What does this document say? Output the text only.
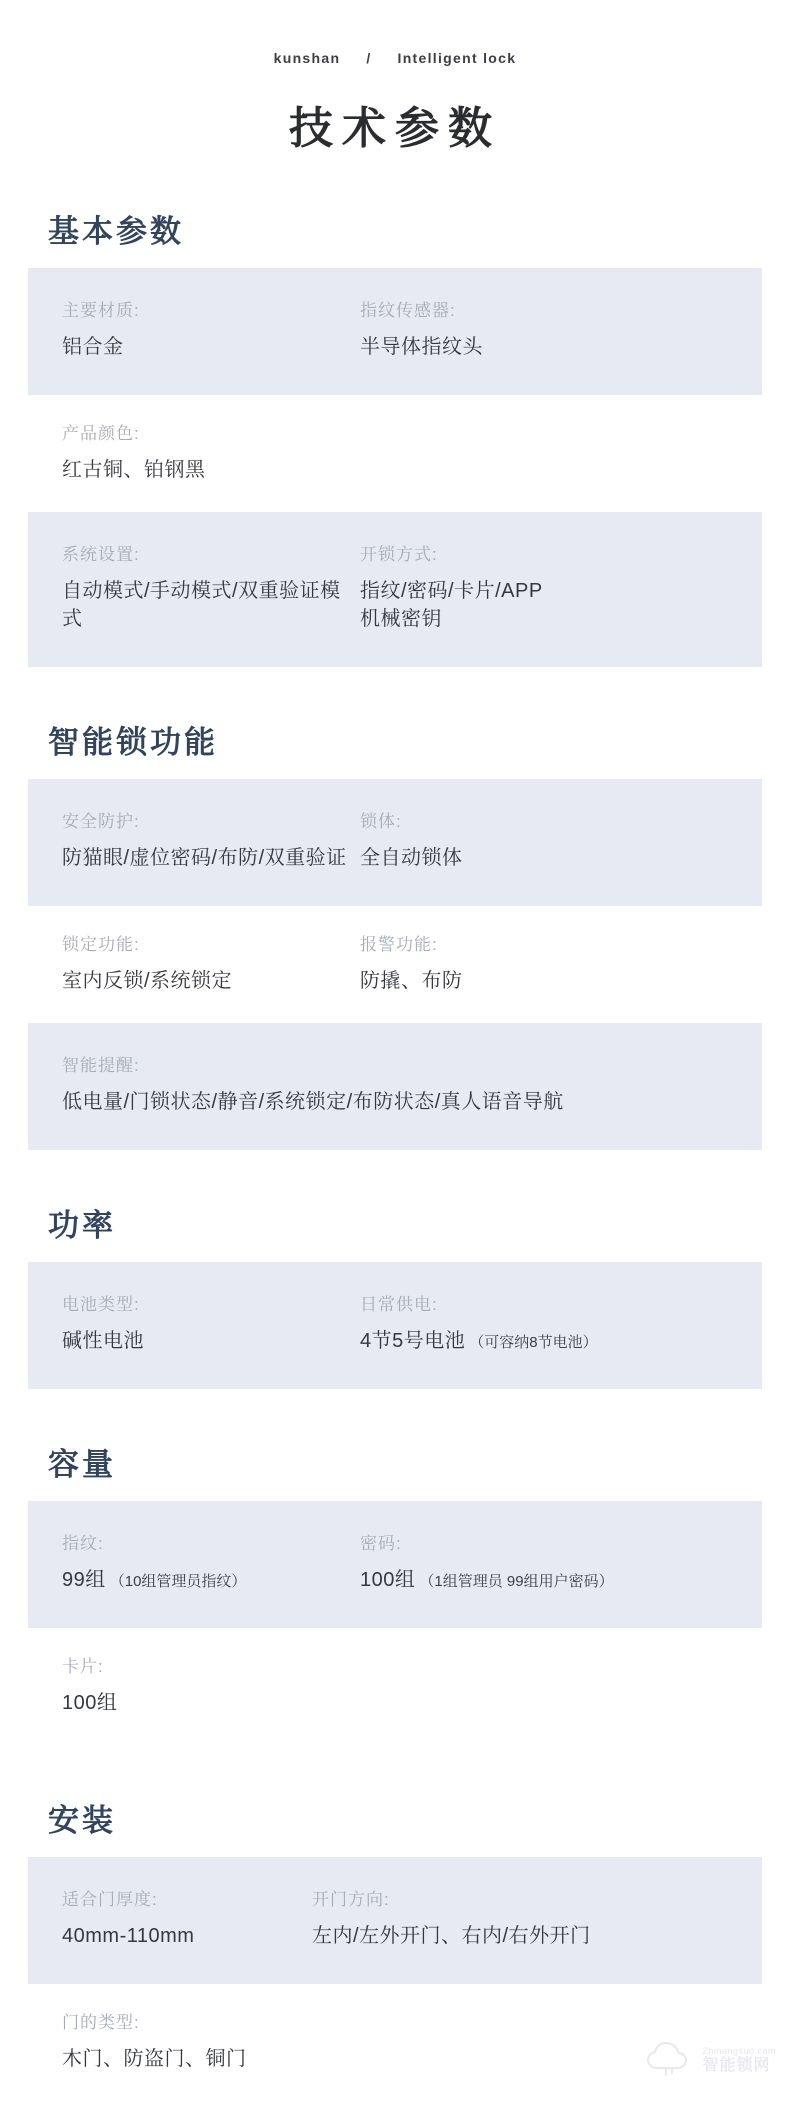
kunshan / Intelligent lock
技术参数
基本参数
主要材质:
铝合金
指纹传感器:
半导体指纹头
产品颜色:
红古铜、铂钢黑
系统设置:
自动模式/手动模式/双重验证模式
开锁方式:
指纹/密码/卡片/APP
机械密钥
智能锁功能
安全防护:
防猫眼/虚位密码/布防/双重验证
锁体:
全自动锁体
锁定功能:
室内反锁/系统锁定
报警功能:
防撬、布防
智能提醒:
低电量/门锁状态/静音/系统锁定/布防状态/真人语音导航
功率
电池类型:
碱性电池
日常供电:
4节5号电池 （可容纳8节电池）
容量
指纹:
99组 （10组管理员指纹）
密码:
100组 （1组管理员 99组用户密码）
卡片:
100组
安装
适合门厚度:
40mm-110mm
开门方向:
左内/左外开门、右内/右外开门
门的类型:
木门、防盗门、铜门	Zhinengsuo.com
智能锁网
